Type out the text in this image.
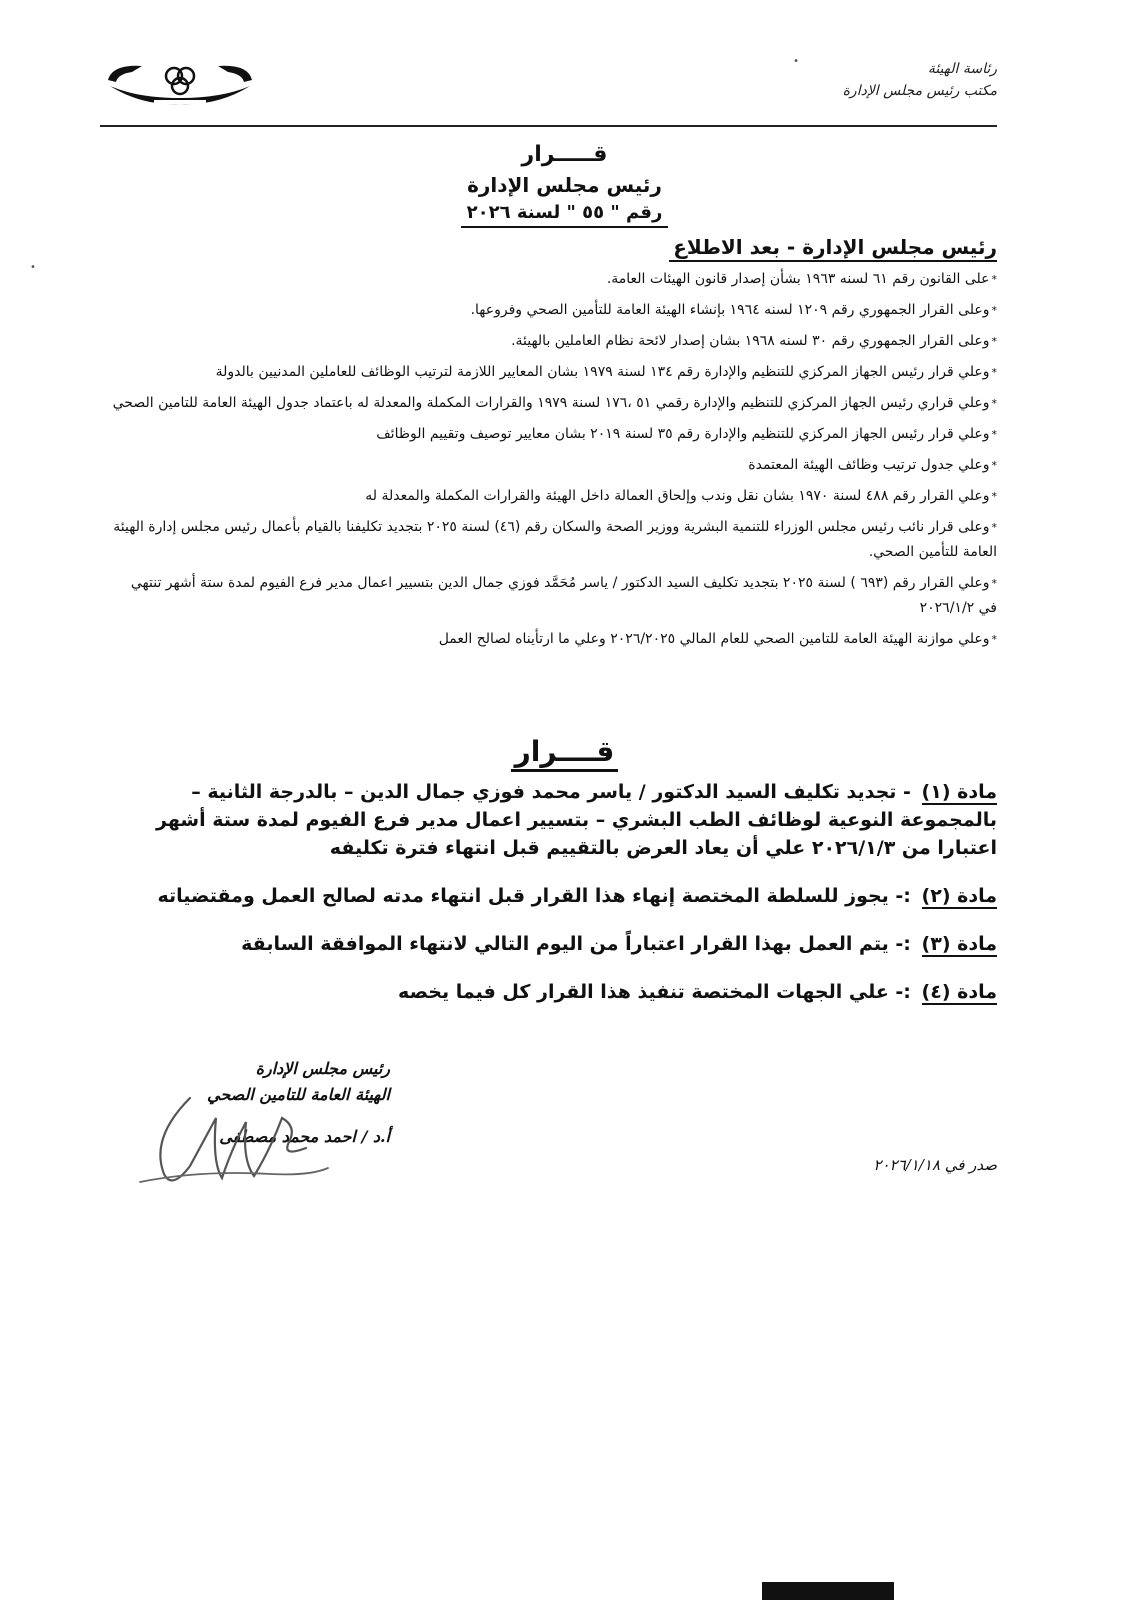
رئاسة الهيئة
مكتب رئيس مجلس الإدارة
قـــــرار
رئيس مجلس الإدارة
رقم " ٥٥ " لسنة ٢٠٢٦
رئيس مجلس الإدارة - بعد الاطلاع
*على القانون رقم ٦١ لسنه ١٩٦٣ بشأن إصدار قانون الهيئات العامة.
*وعلى القرار الجمهوري رقم ١٢٠٩ لسنه ١٩٦٤ بإنشاء الهيئة العامة للتأمين الصحي وفروعها.
*وعلى القرار الجمهوري رقم ٣٠ لسنه ١٩٦٨ بشان إصدار لائحة نظام العاملين بالهيئة.
*وعلي قرار رئيس الجهاز المركزي للتنظيم والإدارة رقم ١٣٤ لسنة ١٩٧٩ بشان المعايير اللازمة لترتيب الوظائف للعاملين المدنيين بالدولة
*وعلي قراري رئيس الجهاز المركزي للتنظيم والإدارة رقمي ٥١ ،١٧٦ لسنة ١٩٧٩ والقرارات المكملة والمعدلة له باعتماد جدول الهيئة العامة للتامين الصحي
*وعلي قرار رئيس الجهاز المركزي للتنظيم والإدارة رقم ٣٥ لسنة ٢٠١٩ بشان معايير توصيف وتقييم الوظائف
*وعلي جدول ترتيب وظائف الهيئة المعتمدة
*وعلي القرار رقم ٤٨٨ لسنة ١٩٧٠ بشان نقل وندب وإلحاق العمالة داخل الهيئة والقرارات المكملة والمعدلة له
*وعلى قرار نائب رئيس مجلس الوزراء للتنمية البشرية ووزير الصحة والسكان رقم (٤٦) لسنة ٢٠٢٥ بتجديد تكليفنا بالقيام بأعمال رئيس مجلس إدارة الهيئة العامة للتأمين الصحي.
*وعلي القرار رقم (٦٩٣ ) لسنة ٢٠٢٥ بتجديد تكليف السيد الدكتور / ياسر مُحَمَّد فوزي جمال الدين بتسيير اعمال مدير فرع الفيوم لمدة ستة أشهر تنتهي في ٢٠٢٦/١/٢
*وعلي موازنة الهيئة العامة للتامين الصحي للعام المالي ٢٠٢٦/٢٠٢٥ وعلي ما ارتأيناه لصالح العمل
قــــرار
مادة (١) - تجديد تكليف السيد الدكتور / ياسر محمد فوزي جمال الدين – بالدرجة الثانية – بالمجموعة النوعية لوظائف الطب البشري – بتسيير اعمال مدير فرع الفيوم لمدة ستة أشهر اعتبارا من ٢٠٢٦/١/٣ علي أن يعاد العرض بالتقييم قبل انتهاء فترة تكليفه
مادة (٢) :- يجوز للسلطة المختصة إنهاء هذا القرار قبل انتهاء مدته لصالح العمل ومقتضياته
مادة (٣) :- يتم العمل بهذا القرار اعتباراً من اليوم التالي لانتهاء الموافقة السابقة
مادة (٤) :- علي الجهات المختصة تنفيذ هذا القرار كل فيما يخصه
رئيس مجلس الإدارة
الهيئة العامة للتامين الصحي
أ.د / احمد محمد مصطفى
صدر في ٢٠٢٦/١/١٨
•
•
